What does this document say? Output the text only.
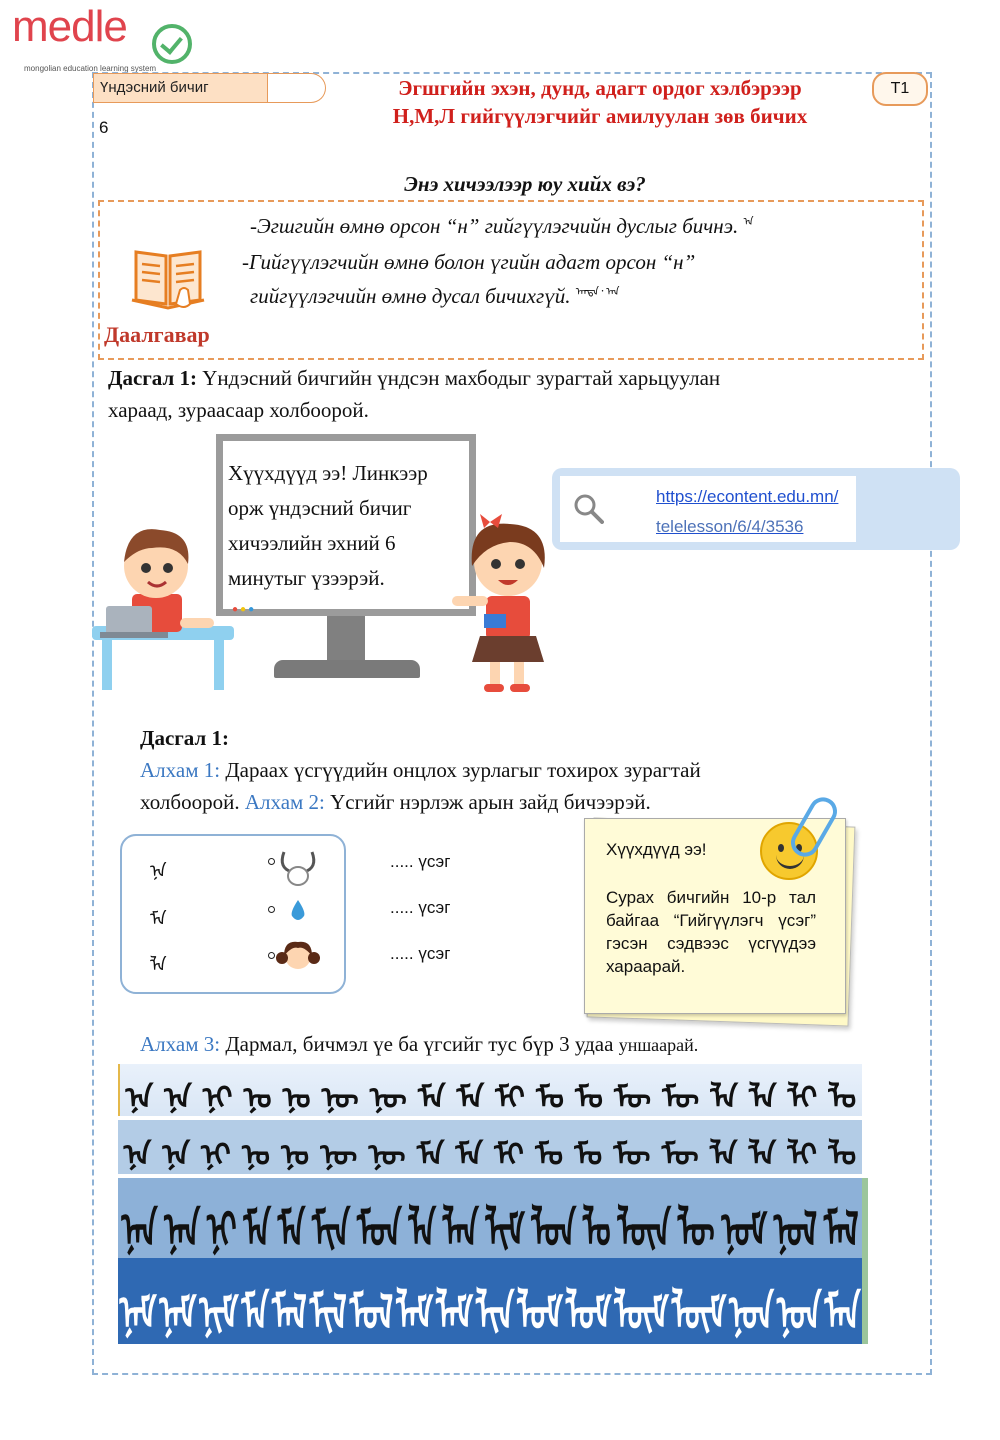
medle
mongolian education learning system
Үндэсний бичиг
6
Эгшгийн эхэн, дунд, адагт ордог хэлбэрээр
Н,М,Л гийгүүлэгчийг амилуулан зөв бичих
T1
Энэ хичээлээр юу хийх вэ?
Даалгавар
-Эгшгийн өмнө орсон “н” гийгүүлэгчийн дуслыг бичнэ. $^{ᠨ᠋ᠠ}$
-Гийгүүлэгчийн өмнө болон үгийн адагт орсон “н”
гийгүүлэгчийн өмнө дусал бичихгүй. $^{ᠠᠨᠳᠠ᠂ ᠠᠨ}$
Дасгал 1: Үндэсний бичгийн үндсэн махбодыг зурагтай харьцуулан
хараад, зураасаар холбоорой.
Хүүхдүүд ээ! Линкээр
орж үндэсний бичиг
хичээлийн эхний 6
минутыг үзээрэй.
●●●
https://econtent.edu.mn/
telelesson/6/4/3536
Дасгал 1:
Алхам 1: Дараах үсгүүдийн онцлох зурлагыг тохирох зурагтай
холбоорой. Алхам 2: Үсгийг нэрлэж арын зайд бичээрэй.
ᠨᠠ
ᠮᠠ
ᠯᠠ
..... үсэг
..... үсэг
..... үсэг
Хүүхдүүд ээ!
Сурах бичгийн 10-р тал байгаа “Гийгүүлэгч үсэг” гэсэн сэдвээс үсгүүдээ хараарай.
Алхам 3: Дармал, бичмэл үе ба үгсийг тус бүр 3 удаа уншаарай.
ᠨᠠ ᠨᠡ ᠨᠢ ᠨᠣ ᠨᠤ ᠨᠥ ᠨᠦ ᠮᠠ ᠮᠡ ᠮᠢ ᠮᠣ ᠮᠤ ᠮᠥ ᠮᠦ ᠯᠠ ᠯᠡ ᠯᠢ ᠯᠣ
ᠨᠠ ᠨᠡ ᠨᠢ ᠨᠣ ᠨᠤ ᠨᠥ ᠨᠦ ᠮᠠ ᠮᠡ ᠮᠢ ᠮᠣ ᠮᠤ ᠮᠥ ᠮᠦ ᠯᠠ ᠯᠡ ᠯᠢ ᠯᠣ
ᠨᠠᠨ ᠨᠡᠨ ᠨᠢ ᠮᠠ ᠮᠡ ᠮᠢᠨ ᠮᠣᠨ ᠯᠠ ᠯᠡᠨ ᠯᠢᠮ ᠯᠣᠨ ᠯᠤ ᠯᠥᠨ ᠯᠦ ᠨᠣᠮ ᠨᠤᠯ ᠮᠠᠯ
ᠨᠠᠮ ᠨᠡᠮ ᠨᠢᠮ ᠮᠠ ᠮᠡᠯ ᠮᠢᠯ ᠮᠣᠯ ᠯᠠᠮ ᠯᠡᠮ ᠯᠢᠨ ᠯᠣᠮ ᠯᠤᠮ ᠯᠥᠮ ᠯᠦᠮ ᠨᠣᠨ ᠨᠤᠨ ᠮᠠᠨ
